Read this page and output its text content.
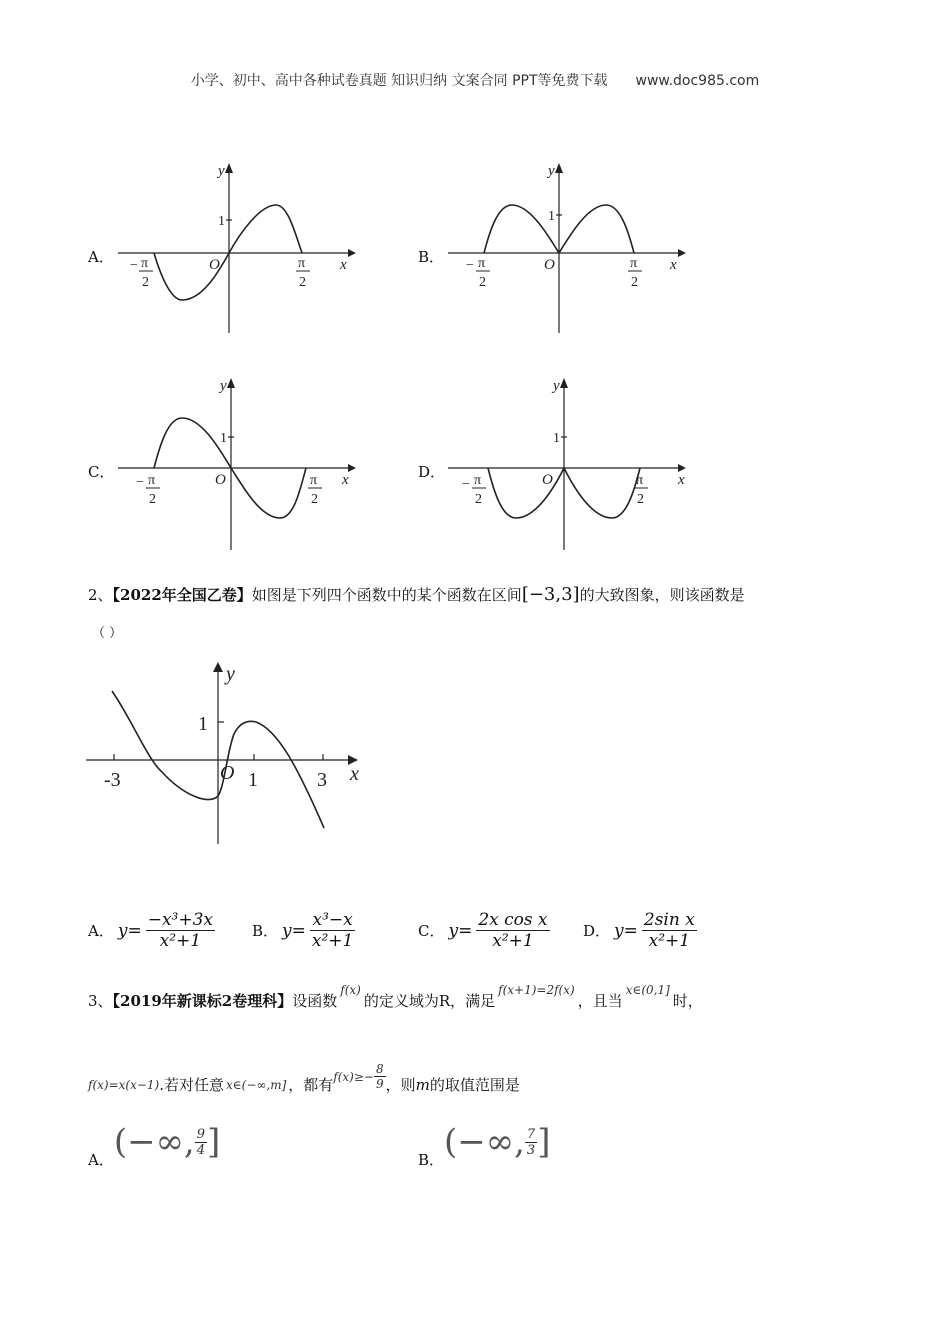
小学、初中、高中各种试卷真题 知识归纳 文案合同 PPT等免费下载 www.doc985.com
A．
y
x
O
1
− π
2
π
2
B．
y
x
O
1
− π
2
π
2
C．
y
x
O
1
− π
2
π
2
D．
y
x
O
1
− π
2
π
2
2、【2022年全国乙卷】如图是下列四个函数中的某个函数在区间[−3,3]的大致图象，则该函数是
（ ）
y
x
O
1
-3	1	3
A． $y= \frac{\text{−x³+3x}}{\text{x²+1}}$ B． $y= \frac{\text{x³−x}}{\text{x²+1}}$	C． $y= \frac{\text{2x cos x}}{\text{x²+1}}$ D． $y= \frac{\text{2sin x}}{\text{x²+1}}$
3、【2019年新课标2卷理科】设函数$^{f(x)}$的定义域为R，满足$^{f(x+1)=2f(x)}$，且当$^{x\in(0,1]}$时，
f(x)=x(x−1) .若对任意 x∈(−∞,m] ，都有 $f(x)\ge- \frac{8}{9}$ ，则 m 的取值范围是
A． (−∞, $\frac{9}{4}$ ]	B． (−∞, $\frac{7}{3}$ ]
